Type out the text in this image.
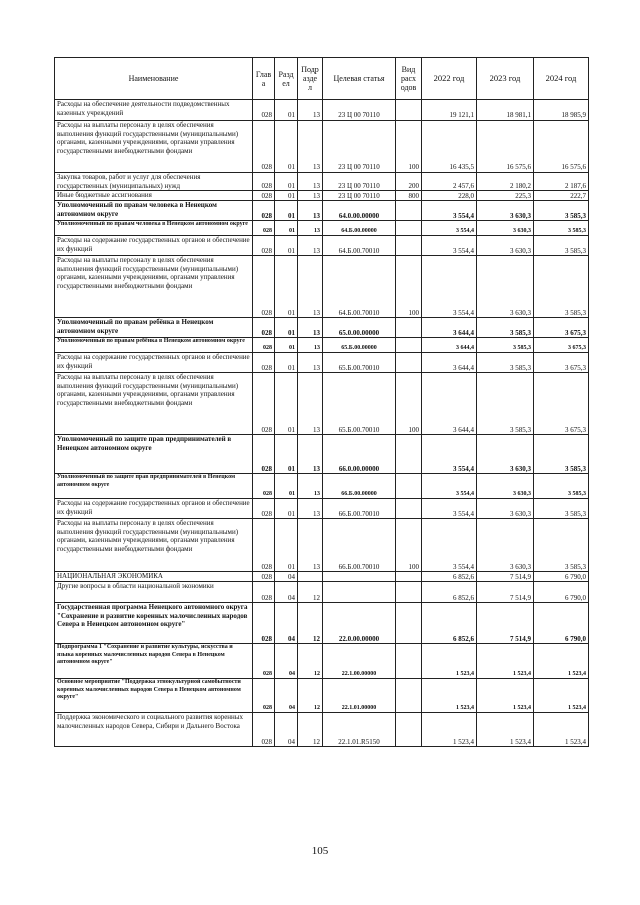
Наименование	Глав а	Разд ел	Подр азде л	Целевая статья	Вид расх одов	2022 год	2023 год	2024 год
Расходы на обеспечение деятельности подведомственных казенных учреждений	028	01	13	23 Ц 00 70110		19 121,1	18 981,1	18 985,9
Расходы на выплаты персоналу в целях обеспечения выполнения функций государственными (муниципальными) органами, казенными учреждениями, органами управления государственными внебюджетными фондами	028	01	13	23 Ц 00 70110	100	16 435,5	16 575,6	16 575,6
Закупка товаров, работ и услуг для обеспечения государственных (муниципальных) нужд	028	01	13	23 Ц 00 70110	200	2 457,6	2 180,2	2 187,6
Иные бюджетные ассигнования	028	01	13	23 Ц 00 70110	800	228,0	225,3	222,7
Уполномоченный по правам человека в Ненецком автономном округе	028	01	13	64.0.00.00000		3 554,4	3 630,3	3 585,3
Уполномоченный по правам человека в Ненецком автономном округе	028	01	13	64.Б.00.00000		3 554,4	3 630,3	3 585,3
Расходы на содержание государственных органов и обеспечение их функций	028	01	13	64.Б.00.70010		3 554,4	3 630,3	3 585,3
Расходы на выплаты персоналу в целях обеспечения выполнения функций государственными (муниципальными) органами, казенными учреждениями, органами управления государственными внебюджетными фондами	028	01	13	64.Б.00.70010	100	3 554,4	3 630,3	3 585,3
Уполномоченный по правам ребёнка в Ненецком автономном округе	028	01	13	65.0.00.00000		3 644,4	3 585,3	3 675,3
Уполномоченный по правам ребёнка в Ненецком автономном округе	028	01	13	65.Б.00.00000		3 644,4	3 585,3	3 675,3
Расходы на содержание государственных органов и обеспечение их функций	028	01	13	65.Б.00.70010		3 644,4	3 585,3	3 675,3
Расходы на выплаты персоналу в целях обеспечения выполнения функций государственными (муниципальными) органами, казенными учреждениями, органами управления государственными внебюджетными фондами	028	01	13	65.Б.00.70010	100	3 644,4	3 585,3	3 675,3
Уполномоченный по защите прав предпринимателей в Ненецком автономном округе	028	01	13	66.0.00.00000		3 554,4	3 630,3	3 585,3
Уполномоченный по защите прав предпринимателей в Ненецком автономном округе	028	01	13	66.Б.00.00000		3 554,4	3 630,3	3 585,3
Расходы на содержание государственных органов и обеспечение их функций	028	01	13	66.Б.00.70010		3 554,4	3 630,3	3 585,3
Расходы на выплаты персоналу в целях обеспечения выполнения функций государственными (муниципальными) органами, казенными учреждениями, органами управления государственными внебюджетными фондами	028	01	13	66.Б.00.70010	100	3 554,4	3 630,3	3 585,3
НАЦИОНАЛЬНАЯ ЭКОНОМИКА	028	04				6 852,6	7 514,9	6 790,0
Другие вопросы в области национальной экономики	028	04	12			6 852,6	7 514,9	6 790,0
Государственная программа Ненецкого автономного округа "Сохранение и развитие коренных малочисленных народов Севера в Ненецком автономном округе"	028	04	12	22.0.00.00000		6 852,6	7 514,9	6 790,0
Подпрограмма 1 "Сохранение и развитие культуры, искусства и языка коренных малочисленных народов Севера в Ненецком автономном округе"	028	04	12	22.1.00.00000		1 523,4	1 523,4	1 523,4
Основное мероприятие "Поддержка этнокультурной самобытности коренных малочисленных народов Севера в Ненецком автономном округе"	028	04	12	22.1.01.00000		1 523,4	1 523,4	1 523,4
Поддержка экономического и социального развития коренных малочисленных народов Севера, Сибири и Дальнего Востока	028	04	12	22.1.01.R5150		1 523,4	1 523,4	1 523,4
105
